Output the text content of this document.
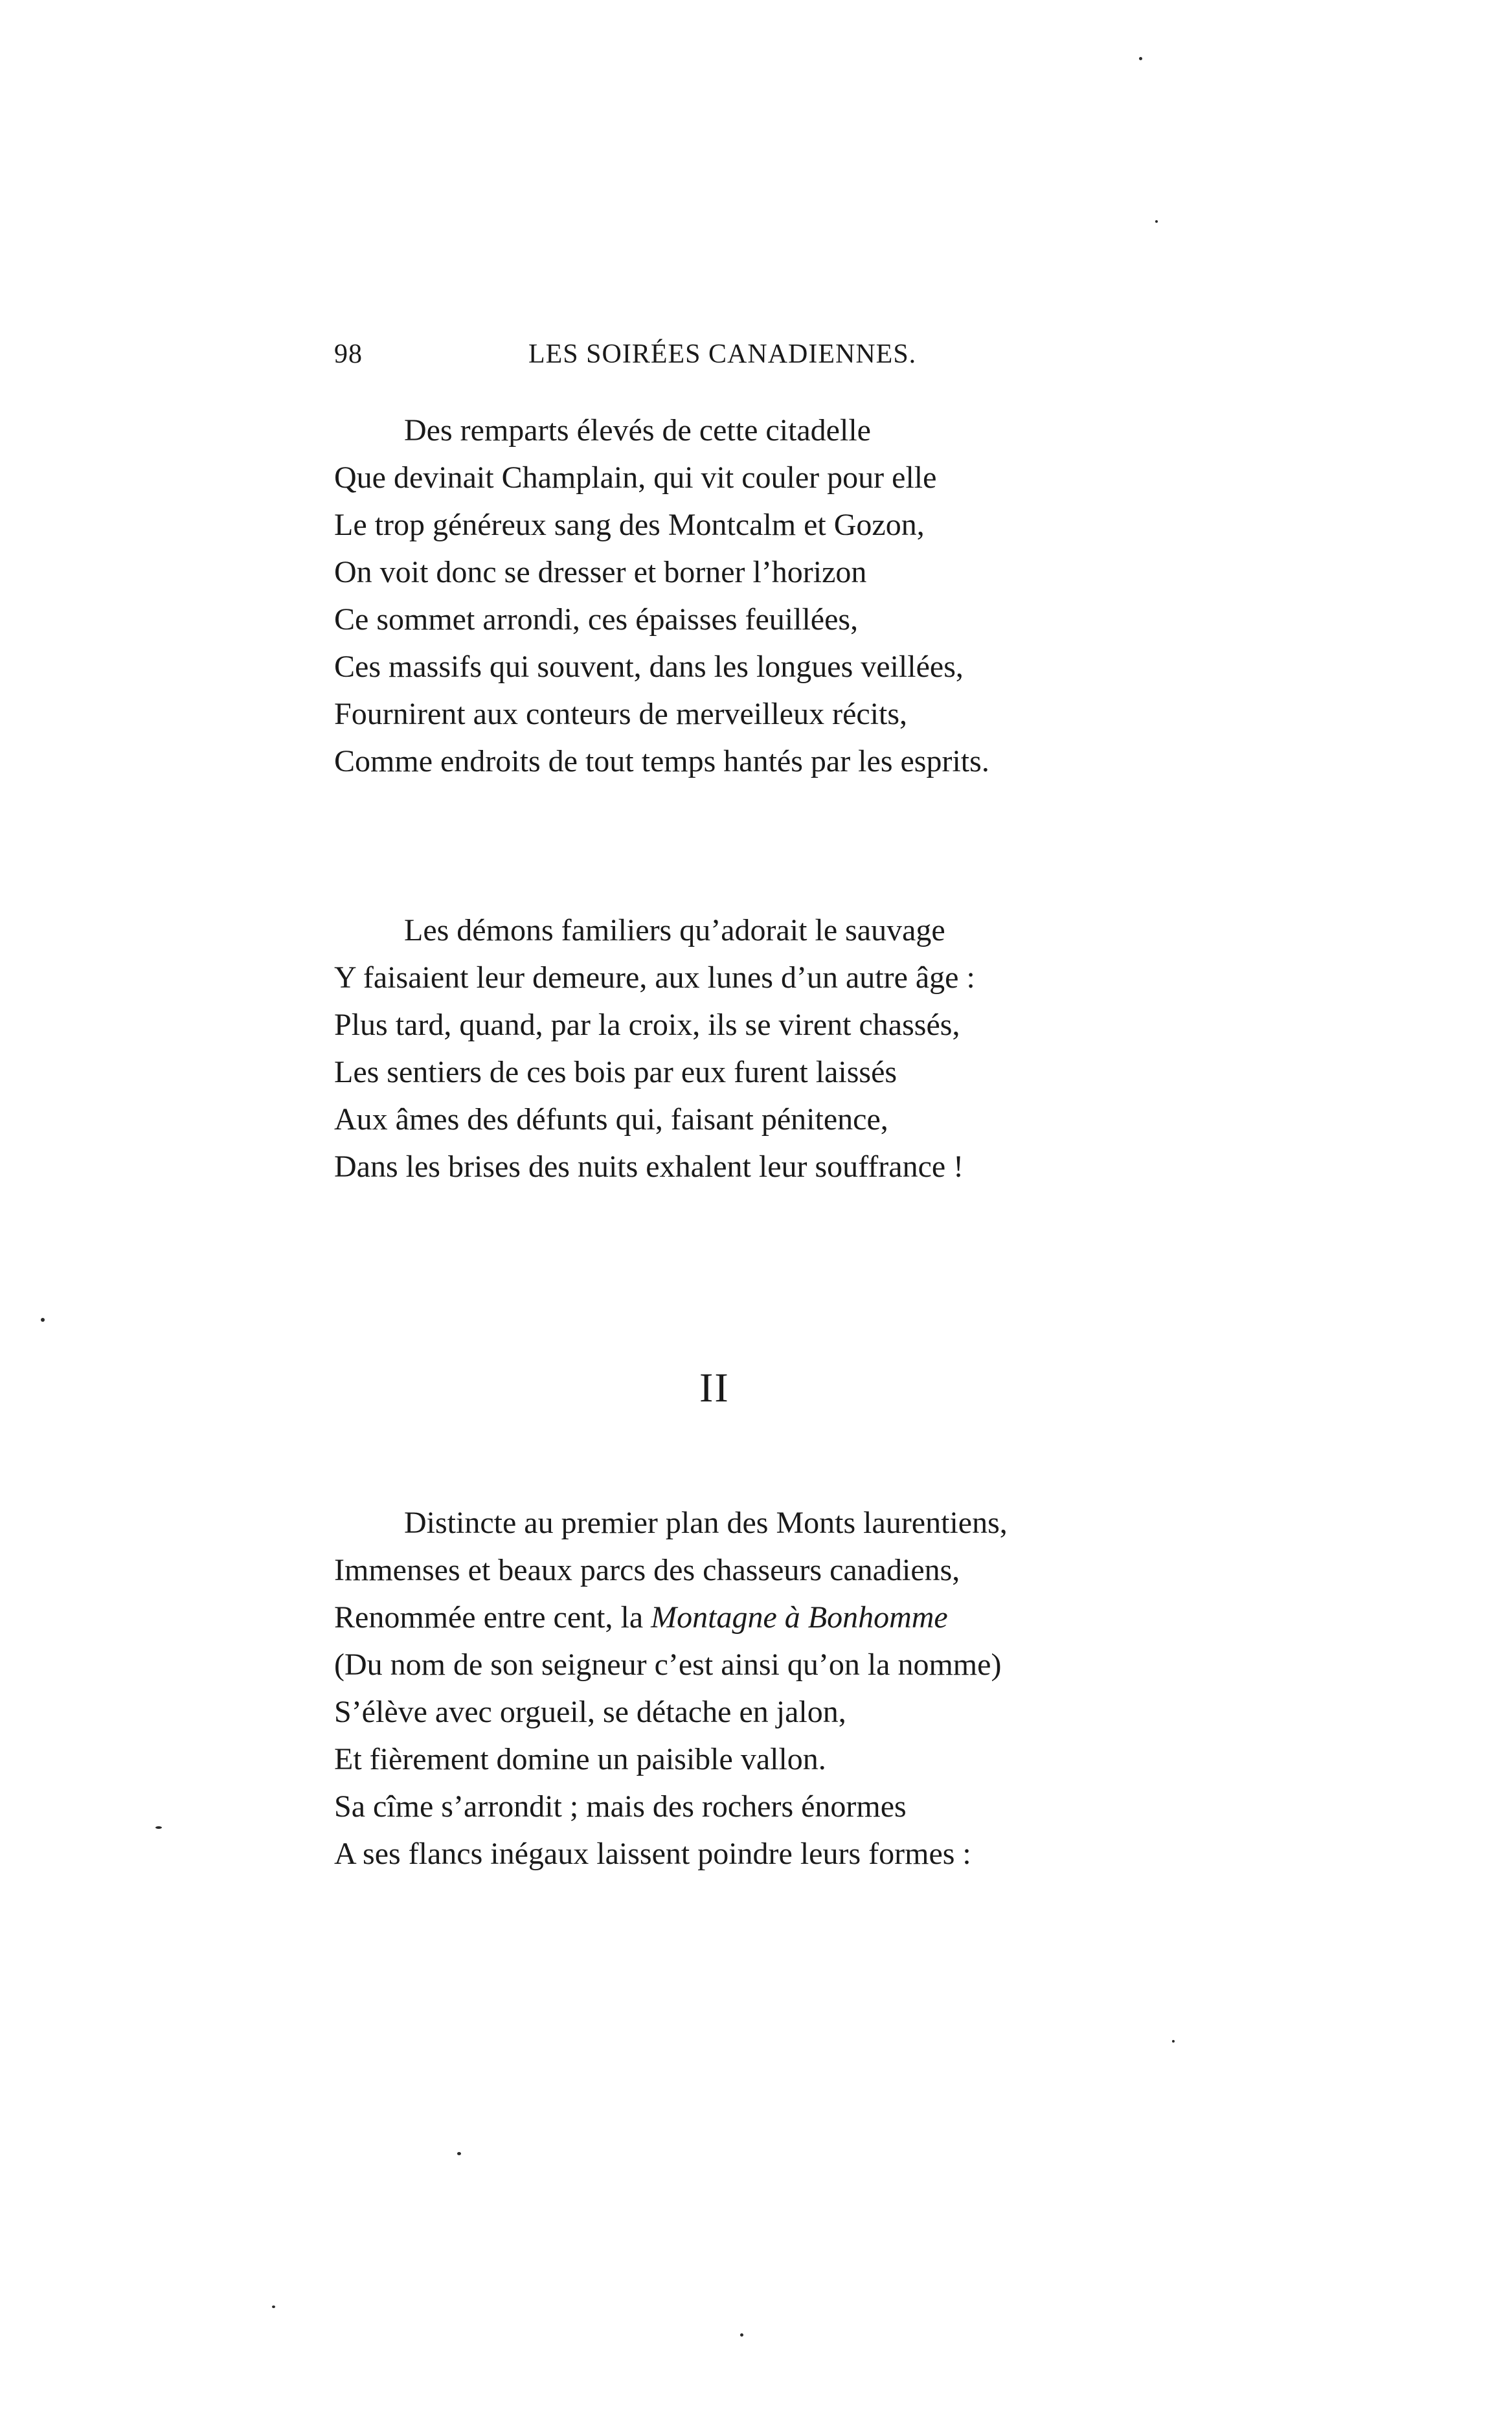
98	LES SOIRÉES CANADIENNES.
Des remparts élevés de cette citadelle
Que devinait Champlain, qui vit couler pour elle
Le trop généreux sang des Montcalm et Gozon,
On voit donc se dresser et borner l’horizon
Ce sommet arrondi, ces épaisses feuillées,
Ces massifs qui souvent, dans les longues veillées,
Fournirent aux conteurs de merveilleux récits,
Comme endroits de tout temps hantés par les esprits.
Les démons familiers qu’adorait le sauvage
Y faisaient leur demeure, aux lunes d’un autre âge :
Plus tard, quand, par la croix, ils se virent chassés,
Les sentiers de ces bois par eux furent laissés
Aux âmes des défunts qui, faisant pénitence,
Dans les brises des nuits exhalent leur souffrance !
II
Distincte au premier plan des Monts laurentiens,
Immenses et beaux parcs des chasseurs canadiens,
Renommée entre cent, la Montagne à Bonhomme
(Du nom de son seigneur c’est ainsi qu’on la nomme)
S’élève avec orgueil, se détache en jalon,
Et fièrement domine un paisible vallon.
Sa cîme s’arrondit ; mais des rochers énormes
A ses flancs inégaux laissent poindre leurs formes :
